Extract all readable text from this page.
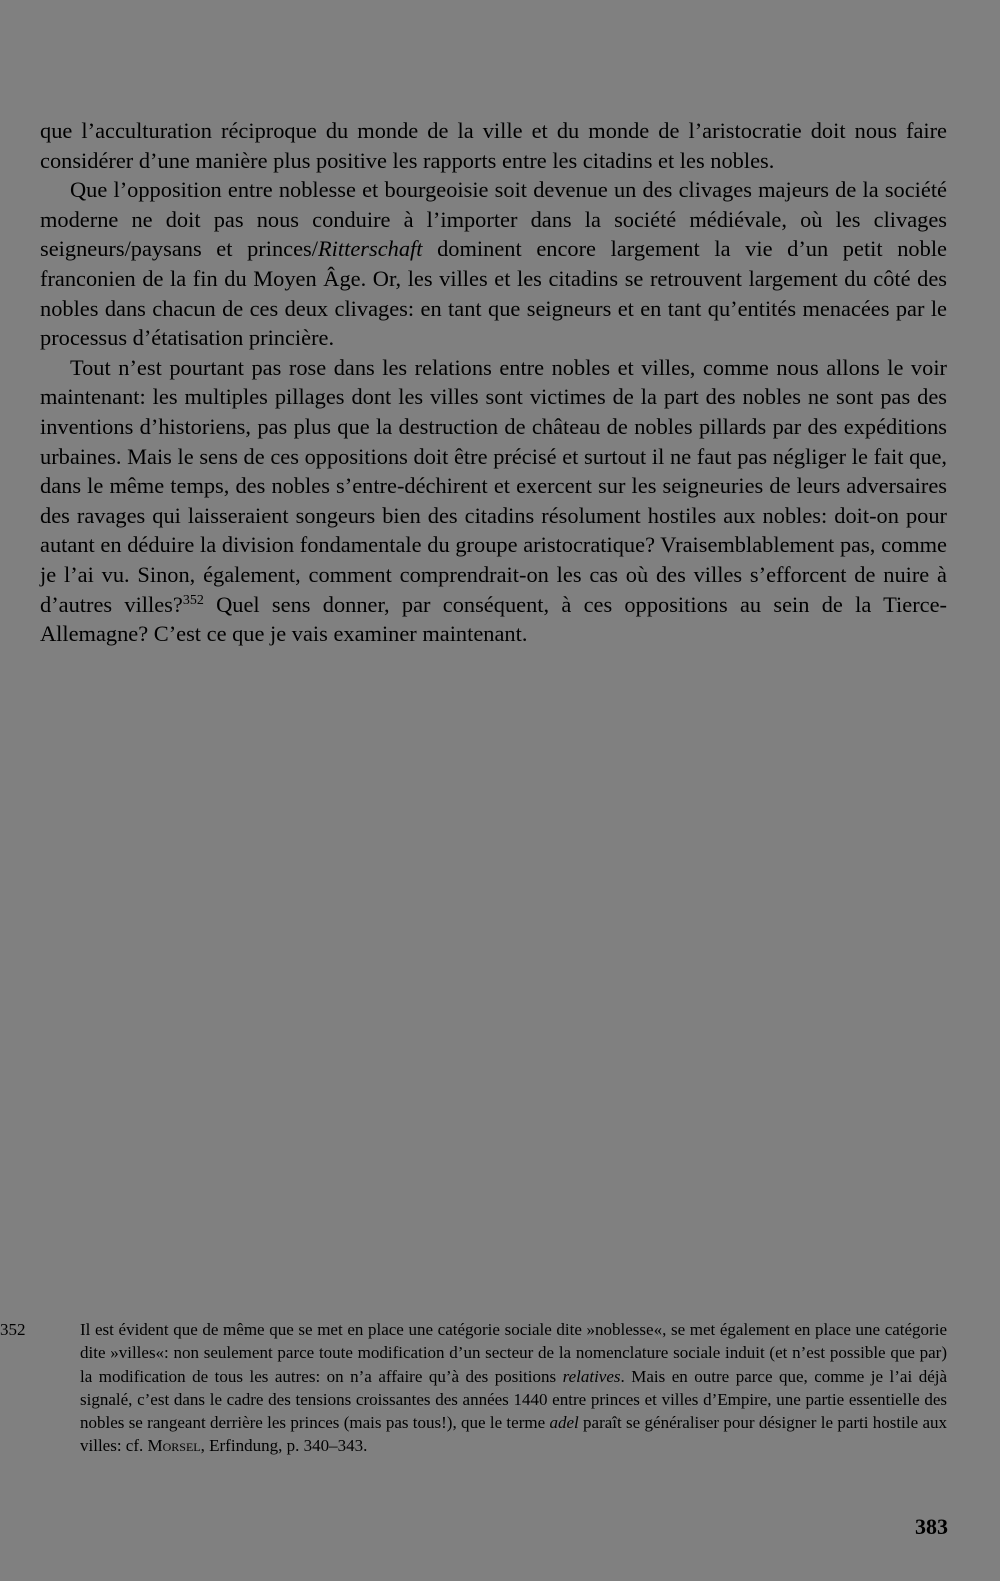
que l’acculturation réciproque du monde de la ville et du monde de l’aristocratie doit nous faire considérer d’une manière plus positive les rapports entre les citadins et les nobles.

Que l’opposition entre noblesse et bourgeoisie soit devenue un des clivages majeurs de la société moderne ne doit pas nous conduire à l’importer dans la société médiévale, où les clivages seigneurs/paysans et princes/Ritterschaft dominent encore largement la vie d’un petit noble franconien de la fin du Moyen Âge. Or, les villes et les citadins se retrouvent largement du côté des nobles dans chacun de ces deux clivages: en tant que seigneurs et en tant qu’entités menacées par le processus d’étatisation princière.

Tout n’est pourtant pas rose dans les relations entre nobles et villes, comme nous allons le voir maintenant: les multiples pillages dont les villes sont victimes de la part des nobles ne sont pas des inventions d’historiens, pas plus que la destruction de château de nobles pillards par des expéditions urbaines. Mais le sens de ces oppositions doit être précisé et surtout il ne faut pas négliger le fait que, dans le même temps, des nobles s’entre-déchirent et exercent sur les seigneuries de leurs adversaires des ravages qui laisseraient songeurs bien des citadins résolument hostiles aux nobles: doit-on pour autant en déduire la division fondamentale du groupe aristocratique? Vraisemblablement pas, comme je l’ai vu. Sinon, également, comment comprendrait-on les cas où des villes s’efforcent de nuire à d’autres villes?$^{352}$ Quel sens donner, par conséquent, à ces oppositions au sein de la Tierce-Allemagne? C’est ce que je vais examiner maintenant.

352	Il est évident que de même que se met en place une catégorie sociale dite »noblesse«, se met également en place une catégorie dite »villes«: non seulement parce toute modification d’un secteur de la nomenclature sociale induit (et n’est possible que par) la modification de tous les autres: on n’a affaire qu’à des positions relatives. Mais en outre parce que, comme je l’ai déjà signalé, c’est dans le cadre des tensions croissantes des années 1440 entre princes et villes d’Empire, une partie essentielle des nobles se rangeant derrière les princes (mais pas tous!), que le terme adel paraît se généraliser pour désigner le parti hostile aux villes: cf. Morsel, Erfindung, p. 340–343.
383
